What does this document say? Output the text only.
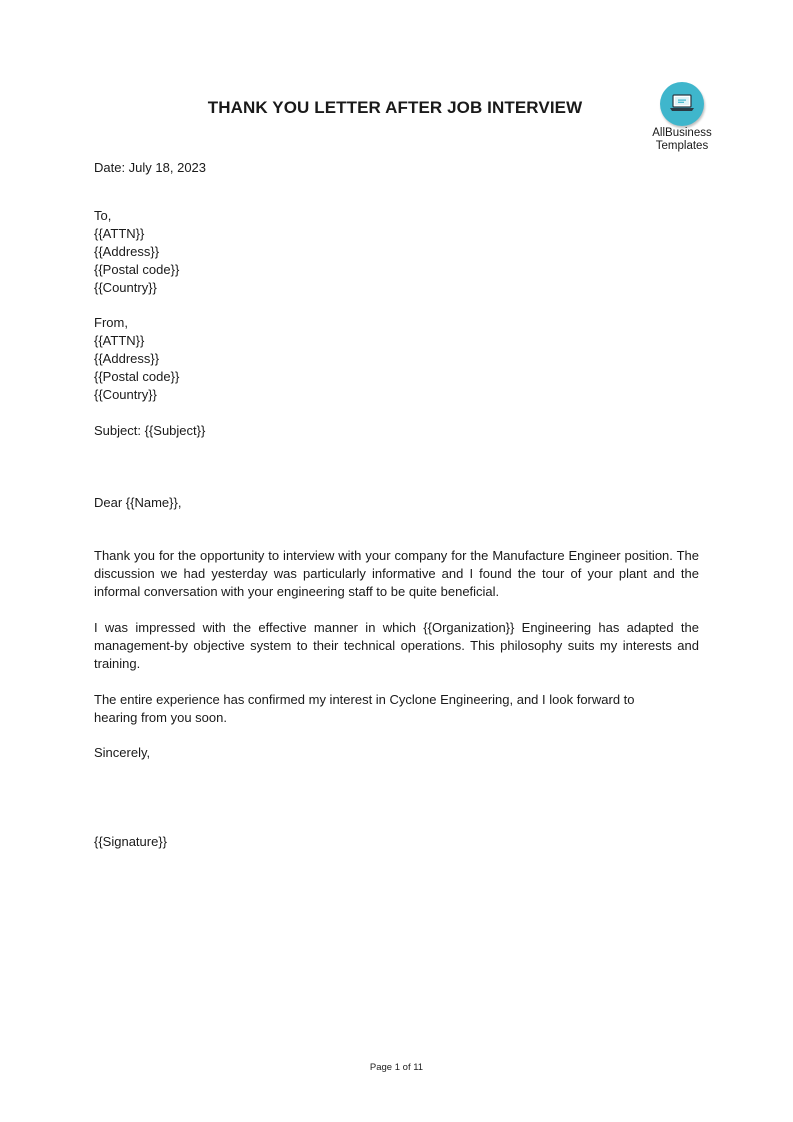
THANK YOU LETTER AFTER JOB INTERVIEW
AllBusiness
Templates
Date: July 18, 2023
To,
{{ATTN}}
{{Address}}
{{Postal code}}
{{Country}}
From,
{{ATTN}}
{{Address}}
{{Postal code}}
{{Country}}
Subject: {{Subject}}
Dear {{Name}},
Thank you for the opportunity to interview with your company for the Manufacture Engineer position. The discussion we had yesterday was particularly informative and I found the tour of your plant and the informal conversation with your engineering staff to be quite beneficial.
I was impressed with the effective manner in which {{Organization}} Engineering has adapted the management-by objective system to their technical operations. This philosophy suits my interests and training.
The entire experience has confirmed my interest in Cyclone Engineering, and I look forward to hearing from you soon.
Sincerely,
{{Signature}}
Page 1 of 11
